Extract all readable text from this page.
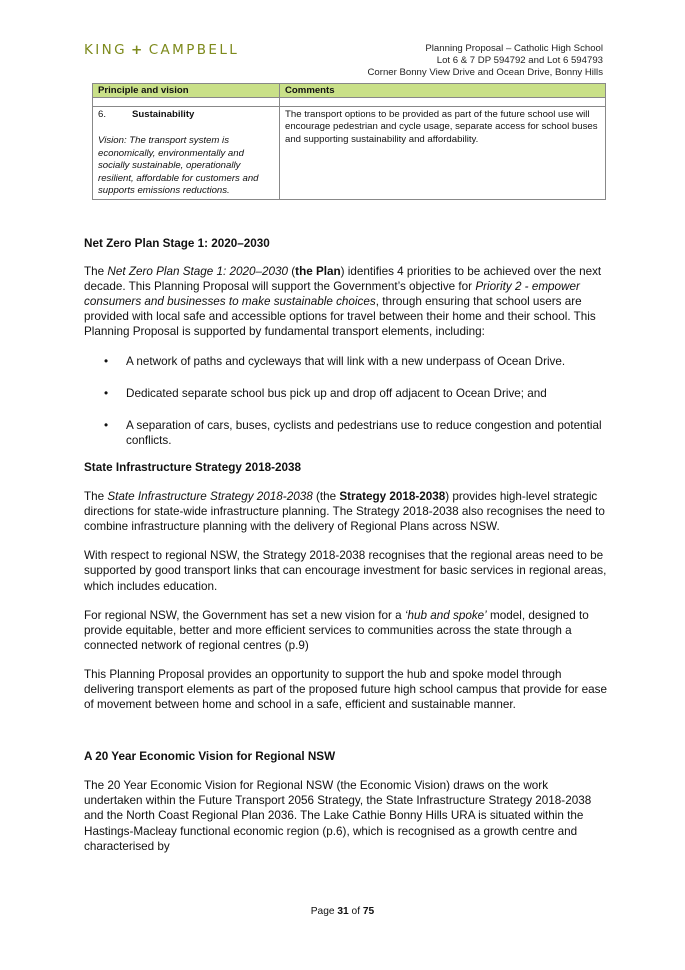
KING + CAMPBELL	Planning Proposal – Catholic High School
Lot 6 & 7 DP 594792 and Lot 6 594793
Corner Bonny View Drive and Ocean Drive, Bonny Hills
Principle and vision	Comments

6. Sustainability
Vision: The transport system is economically, environmentally and socially sustainable, operationally resilient, affordable for customers and supports emissions reductions.	The transport options to be provided as part of the future school use will encourage pedestrian and cycle usage, separate access for school buses and supporting sustainability and affordability.
Net Zero Plan Stage 1: 2020–2030

The Net Zero Plan Stage 1: 2020–2030 (the Plan) identifies 4 priorities to be achieved over the next decade. This Planning Proposal will support the Government’s objective for Priority 2 - empower consumers and businesses to make sustainable choices, through ensuring that school users are provided with local safe and accessible options for travel between their home and their school. This Planning Proposal is supported by fundamental transport elements, including:

• A network of paths and cycleways that will link with a new underpass of Ocean Drive.
• Dedicated separate school bus pick up and drop off adjacent to Ocean Drive; and
• A separation of cars, buses, cyclists and pedestrians use to reduce congestion and potential conflicts.
State Infrastructure Strategy 2018-2038

The State Infrastructure Strategy 2018-2038 (the Strategy 2018-2038) provides high-level strategic directions for state-wide infrastructure planning. The Strategy 2018-2038 also recognises the need to combine infrastructure planning with the delivery of Regional Plans across NSW.

With respect to regional NSW, the Strategy 2018-2038 recognises that the regional areas need to be supported by good transport links that can encourage investment for basic services in regional areas, which includes education.

For regional NSW, the Government has set a new vision for a ‘hub and spoke’ model, designed to provide equitable, better and more efficient services to communities across the state through a connected network of regional centres (p.9)

This Planning Proposal provides an opportunity to support the hub and spoke model through delivering transport elements as part of the proposed future high school campus that provide for ease of movement between home and school in a safe, efficient and sustainable manner.

A 20 Year Economic Vision for Regional NSW

The 20 Year Economic Vision for Regional NSW (the Economic Vision) draws on the work undertaken within the Future Transport 2056 Strategy, the State Infrastructure Strategy 2018-2038 and the North Coast Regional Plan 2036. The Lake Cathie Bonny Hills URA is situated within the Hastings-Macleay functional economic region (p.6), which is recognised as a growth centre and characterised by

Page 31 of 75
